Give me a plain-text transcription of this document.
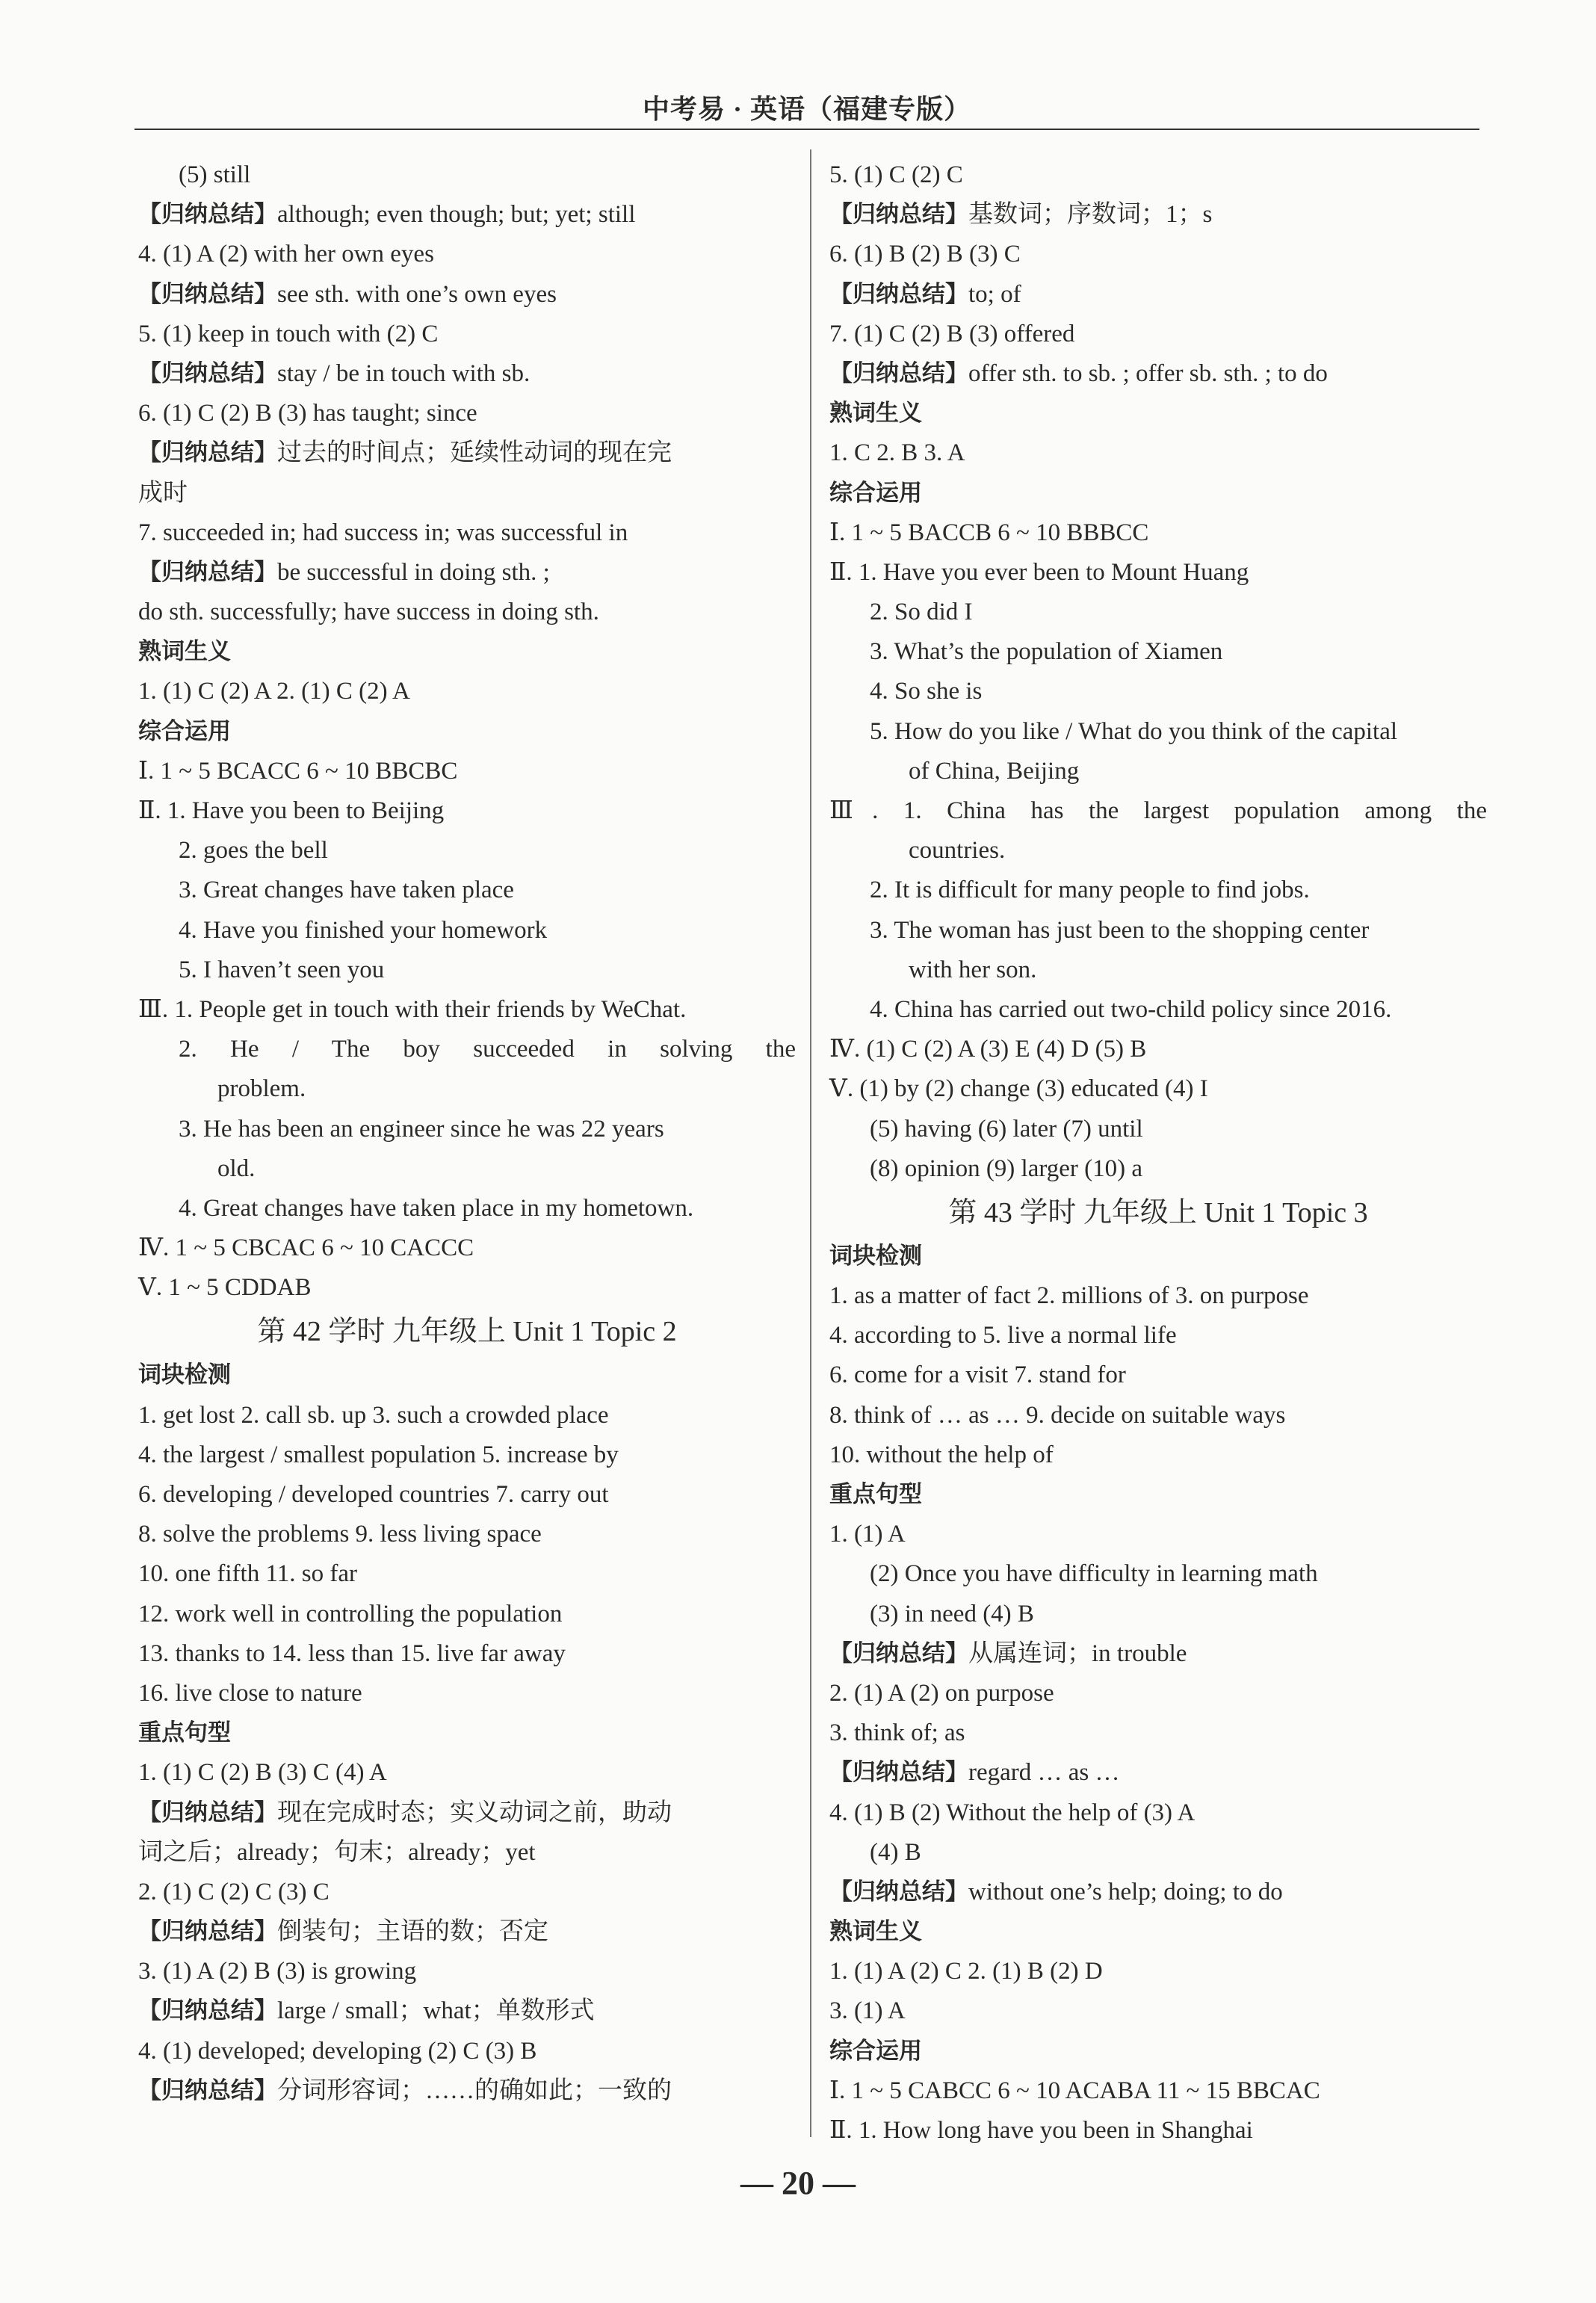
中考易 · 英语（福建专版）
(5) still
【归纳总结】although; even though; but; yet; still
4. (1) A (2) with her own eyes
【归纳总结】see sth. with one’s own eyes
5. (1) keep in touch with (2) C
【归纳总结】stay / be in touch with sb.
6. (1) C (2) B (3) has taught; since
【归纳总结】过去的时间点；延续性动词的现在完
成时
7. succeeded in; had success in; was successful in
【归纳总结】be successful in doing sth. ;
do sth. successfully; have success in doing sth.
熟词生义
1. (1) C (2) A 2. (1) C (2) A
综合运用
Ⅰ. 1 ~ 5 BCACC 6 ~ 10 BBCBC
Ⅱ. 1. Have you been to Beijing
2. goes the bell
3. Great changes have taken place
4. Have you finished your homework
5. I haven’t seen you
Ⅲ. 1. People get in touch with their friends by WeChat.
2. He / The boy succeeded in solving the
problem.
3. He has been an engineer since he was 22 years
old.
4. Great changes have taken place in my hometown.
Ⅳ. 1 ~ 5 CBCAC 6 ~ 10 CACCC
Ⅴ. 1 ~ 5 CDDAB
第 42 学时 九年级上 Unit 1 Topic 2
词块检测
1. get lost 2. call sb. up 3. such a crowded place
4. the largest / smallest population 5. increase by
6. developing / developed countries 7. carry out
8. solve the problems 9. less living space
10. one fifth 11. so far
12. work well in controlling the population
13. thanks to 14. less than 15. live far away
16. live close to nature
重点句型
1. (1) C (2) B (3) C (4) A
【归纳总结】现在完成时态；实义动词之前，助动
词之后；already；句末；already；yet
2. (1) C (2) C (3) C
【归纳总结】倒装句；主语的数；否定
3. (1) A (2) B (3) is growing
【归纳总结】large / small；what；单数形式
4. (1) developed; developing (2) C (3) B
【归纳总结】分词形容词；……的确如此；一致的
5. (1) C (2) C
【归纳总结】基数词；序数词；1；s
6. (1) B (2) B (3) C
【归纳总结】to; of
7. (1) C (2) B (3) offered
【归纳总结】offer sth. to sb. ; offer sb. sth. ; to do
熟词生义
1. C 2. B 3. A
综合运用
Ⅰ. 1 ~ 5 BACCB 6 ~ 10 BBBCC
Ⅱ. 1. Have you ever been to Mount Huang
2. So did I
3. What’s the population of Xiamen
4. So she is
5. How do you like / What do you think of the capital
of China, Beijing
Ⅲ. 1. China has the largest population among the
countries.
2. It is difficult for many people to find jobs.
3. The woman has just been to the shopping center
with her son.
4. China has carried out two-child policy since 2016.
Ⅳ. (1) C (2) A (3) E (4) D (5) B
Ⅴ. (1) by (2) change (3) educated (4) I
(5) having (6) later (7) until
(8) opinion (9) larger (10) a
第 43 学时 九年级上 Unit 1 Topic 3
词块检测
1. as a matter of fact 2. millions of 3. on purpose
4. according to 5. live a normal life
6. come for a visit 7. stand for
8. think of … as … 9. decide on suitable ways
10. without the help of
重点句型
1. (1) A
(2) Once you have difficulty in learning math
(3) in need (4) B
【归纳总结】从属连词；in trouble
2. (1) A (2) on purpose
3. think of; as
【归纳总结】regard … as …
4. (1) B (2) Without the help of (3) A
(4) B
【归纳总结】without one’s help; doing; to do
熟词生义
1. (1) A (2) C 2. (1) B (2) D
3. (1) A
综合运用
Ⅰ. 1 ~ 5 CABCC 6 ~ 10 ACABA 11 ~ 15 BBCAC
Ⅱ. 1. How long have you been in Shanghai
— 20 —
